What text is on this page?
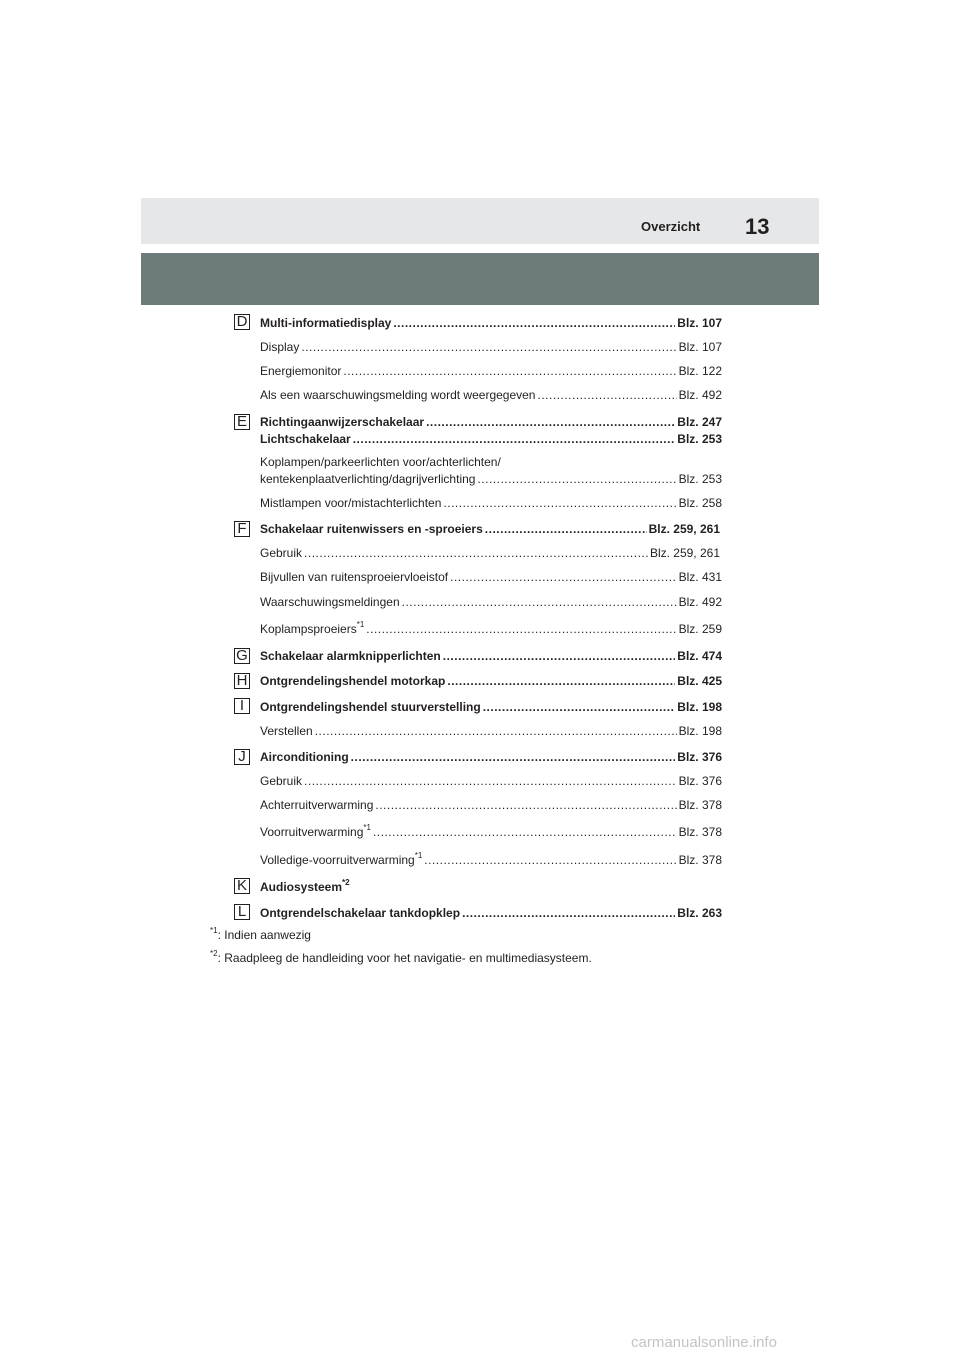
Overzicht 13
D Multi-informatiedisplay .....	Blz. 107
Display .....	Blz. 107
Energiemonitor .....	Blz. 122
Als een waarschuwingsmelding wordt weergegeven .....	Blz. 492
E Richtingaanwijzerschakelaar .....	Blz. 247
Lichtschakelaar .....	Blz. 253
Koplampen/parkeerlichten voor/achterlichten/
kentekenplaatverlichting/dagrijverlichting .....	Blz. 253
Mistlampen voor/mistachterlichten .....	Blz. 258
F Schakelaar ruitenwissers en -sproeiers .....	Blz. 259, 261
Gebruik .....	Blz. 259, 261
Bijvullen van ruitensproeiervloeistof .....	Blz. 431
Waarschuwingsmeldingen .....	Blz. 492
Koplampsproeiers$^{*1}$ .....	Blz. 259
G Schakelaar alarmknipperlichten .....	Blz. 474
H Ontgrendelingshendel motorkap .....	Blz. 425
I	Ontgrendelingshendel stuurverstelling .....	Blz. 198
Verstellen .....	Blz. 198
J	Airconditioning .....	Blz. 376
Gebruik .....	Blz. 376
Achterruitverwarming .....	Blz. 378
Voorruitverwarming$^{*1}$ .....	Blz. 378
Volledige-voorruitverwarming$^{*1}$ .....	Blz. 378
K Audiosysteem$^{*2}$
L	Ontgrendelschakelaar tankdopklep .....	Blz. 263
$^{*1}$: Indien aanwezig
$^{*2}$: Raadpleeg de handleiding voor het navigatie- en multimediasysteem.
carmanualsonline.info
